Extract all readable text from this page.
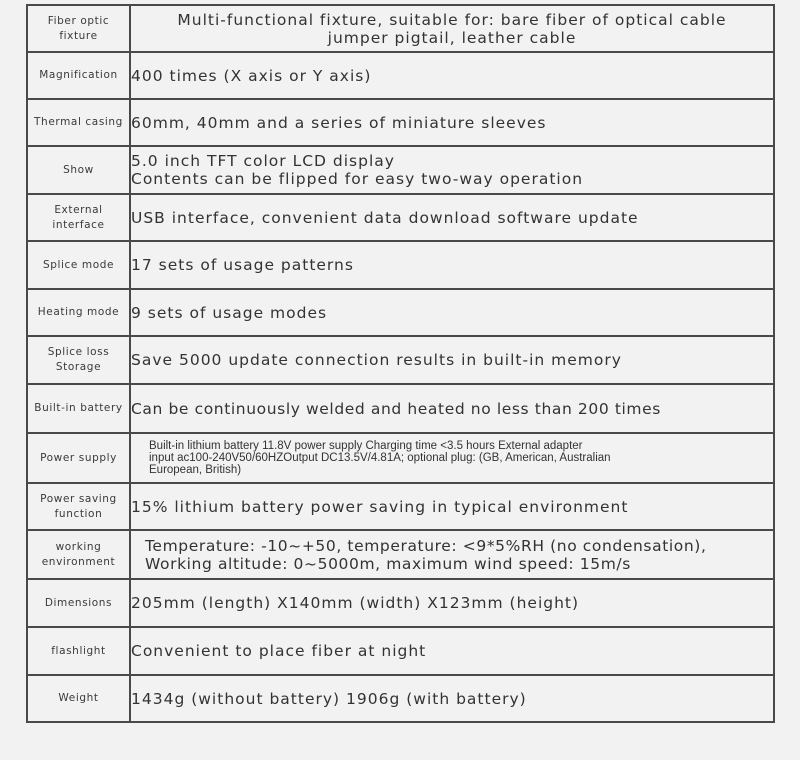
Fiber optic fixture	Multi-functional fixture, suitable for: bare fiber of optical cable
jumper pigtail, leather cable

Magnification	400 times (X axis or Y axis)

Thermal casing	60mm, 40mm and a series of miniature sleeves

Show	5.0 inch TFT color LCD display
Contents can be flipped for easy two-way operation

External
interface	USB interface, convenient data download software update

Splice mode	17 sets of usage patterns

Heating mode	9 sets of usage modes

Splice loss
Storage	Save 5000 update connection results in built-in memory

Built-in battery	Can be continuously welded and heated no less than 200 times

Power supply	Built-in lithium battery 11.8V power supply Charging time <3.5 hours External adapter
input ac100-240V50/60HZOutput DC13.5V/4.81A; optional plug: (GB, American, Australian
European, British)

Power saving
function	15% lithium battery power saving in typical environment

working
environment	Temperature: -10~+50, temperature: <9*5%RH (no condensation),
Working altitude: 0~5000m, maximum wind speed: 15m/s

Dimensions	205mm (length) X140mm (width) X123mm (height)

flashlight	Convenient to place fiber at night

Weight	1434g (without battery) 1906g (with battery)
